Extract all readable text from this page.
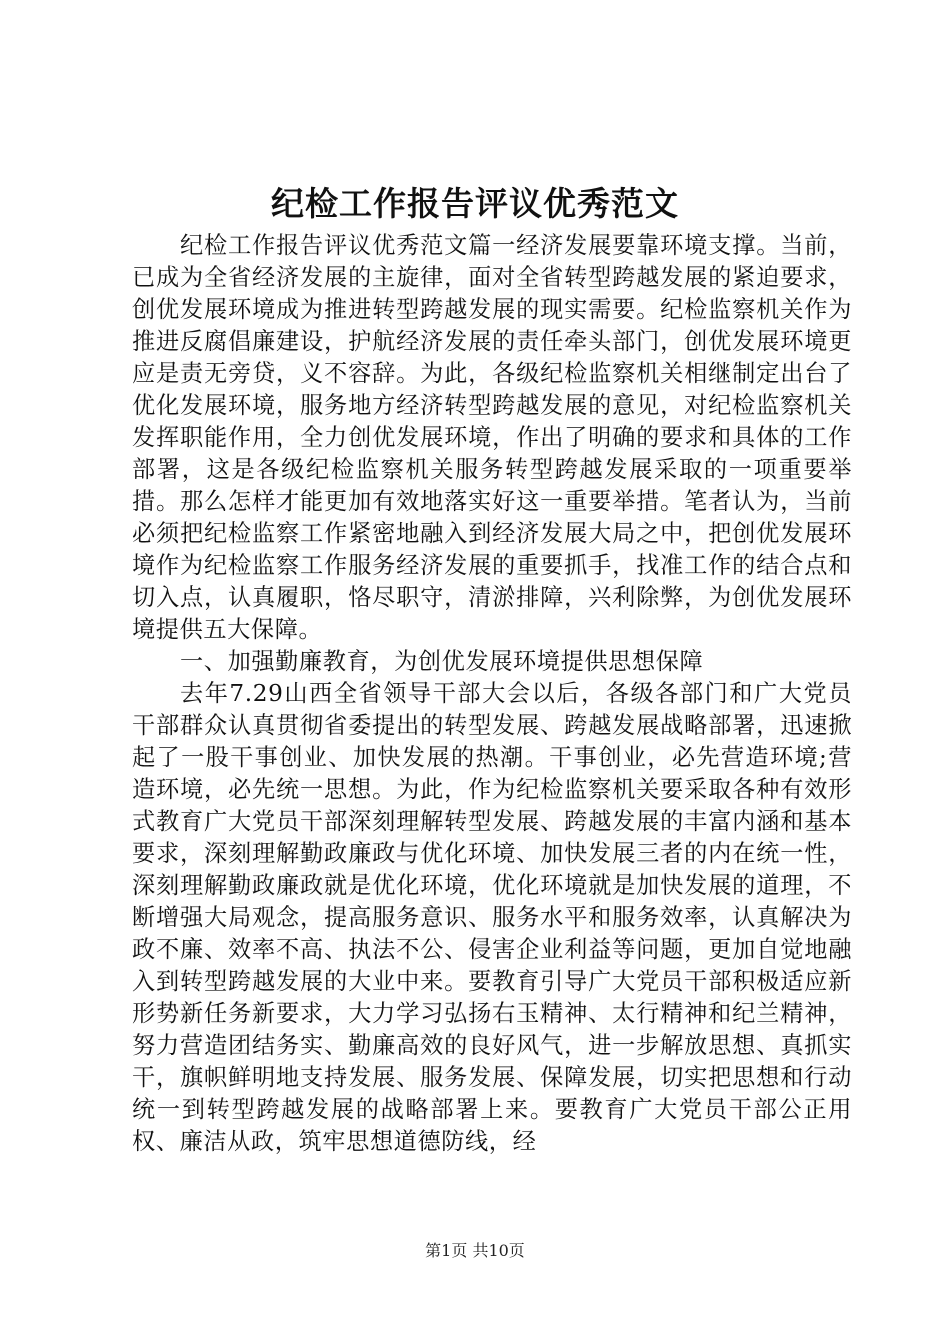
纪检工作报告评议优秀范文

纪检工作报告评议优秀范文篇一经济发展要靠环境支撑。当前，已成为全省经济发展的主旋律，面对全省转型跨越发展的紧迫要求，创优发展环境成为推进转型跨越发展的现实需要。纪检监察机关作为推进反腐倡廉建设，护航经济发展的责任牵头部门，创优发展环境更应是责无旁贷，义不容辞。为此，各级纪检监察机关相继制定出台了优化发展环境，服务地方经济转型跨越发展的意见，对纪检监察机关发挥职能作用，全力创优发展环境，作出了明确的要求和具体的工作部署，这是各级纪检监察机关服务转型跨越发展采取的一项重要举措。那么怎样才能更加有效地落实好这一重要举措。笔者认为，当前必须把纪检监察工作紧密地融入到经济发展大局之中，把创优发展环境作为纪检监察工作服务经济发展的重要抓手，找准工作的结合点和切入点，认真履职，恪尽职守，清淤排障，兴利除弊，为创优发展环境提供五大保障。

一、加强勤廉教育，为创优发展环境提供思想保障

去年7.29山西全省领导干部大会以后，各级各部门和广大党员干部群众认真贯彻省委提出的转型发展、跨越发展战略部署，迅速掀起了一股干事创业、加快发展的热潮。干事创业，必先营造环境;营造环境，必先统一思想。为此，作为纪检监察机关要采取各种有效形式教育广大党员干部深刻理解转型发展、跨越发展的丰富内涵和基本要求，深刻理解勤政廉政与优化环境、加快发展三者的内在统一性，深刻理解勤政廉政就是优化环境，优化环境就是加快发展的道理，不断增强大局观念，提高服务意识、服务水平和服务效率，认真解决为政不廉、效率不高、执法不公、侵害企业利益等问题，更加自觉地融入到转型跨越发展的大业中来。要教育引导广大党员干部积极适应新形势新任务新要求，大力学习弘扬右玉精神、太行精神和纪兰精神，努力营造团结务实、勤廉高效的良好风气，进一步解放思想、真抓实干，旗帜鲜明地支持发展、服务发展、保障发展，切实把思想和行动统一到转型跨越发展的战略部署上来。要教育广大党员干部公正用权、廉洁从政，筑牢思想道德防线，经

第1页 共10页
